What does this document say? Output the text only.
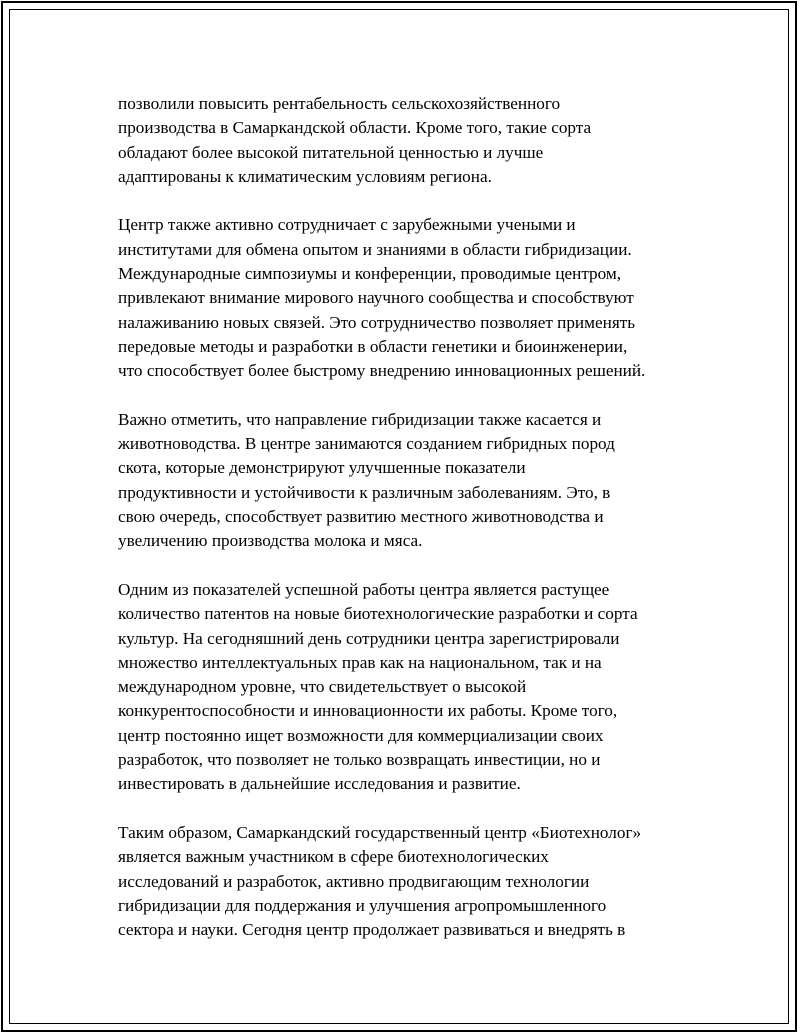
позволили повысить рентабельность сельскохозяйственного
производства в Самаркандской области. Кроме того, такие сорта
обладают более высокой питательной ценностью и лучше
адаптированы к климатическим условиям региона.

Центр также активно сотрудничает с зарубежными учеными и
институтами для обмена опытом и знаниями в области гибридизации.
Международные симпозиумы и конференции, проводимые центром,
привлекают внимание мирового научного сообщества и способствуют
налаживанию новых связей. Это сотрудничество позволяет применять
передовые методы и разработки в области генетики и биоинженерии,
что способствует более быстрому внедрению инновационных решений.

Важно отметить, что направление гибридизации также касается и
животноводства. В центре занимаются созданием гибридных пород
скота, которые демонстрируют улучшенные показатели
продуктивности и устойчивости к различным заболеваниям. Это, в
свою очередь, способствует развитию местного животноводства и
увеличению производства молока и мяса.

Одним из показателей успешной работы центра является растущее
количество патентов на новые биотехнологические разработки и сорта
культур. На сегодняшний день сотрудники центра зарегистрировали
множество интеллектуальных прав как на национальном, так и на
международном уровне, что свидетельствует о высокой
конкурентоспособности и инновационности их работы. Кроме того,
центр постоянно ищет возможности для коммерциализации своих
разработок, что позволяет не только возвращать инвестиции, но и
инвестировать в дальнейшие исследования и развитие.

Таким образом, Самаркандский государственный центр «Биотехнолог»
является важным участником в сфере биотехнологических
исследований и разработок, активно продвигающим технологии
гибридизации для поддержания и улучшения агропромышленного
сектора и науки. Сегодня центр продолжает развиваться и внедрять в
